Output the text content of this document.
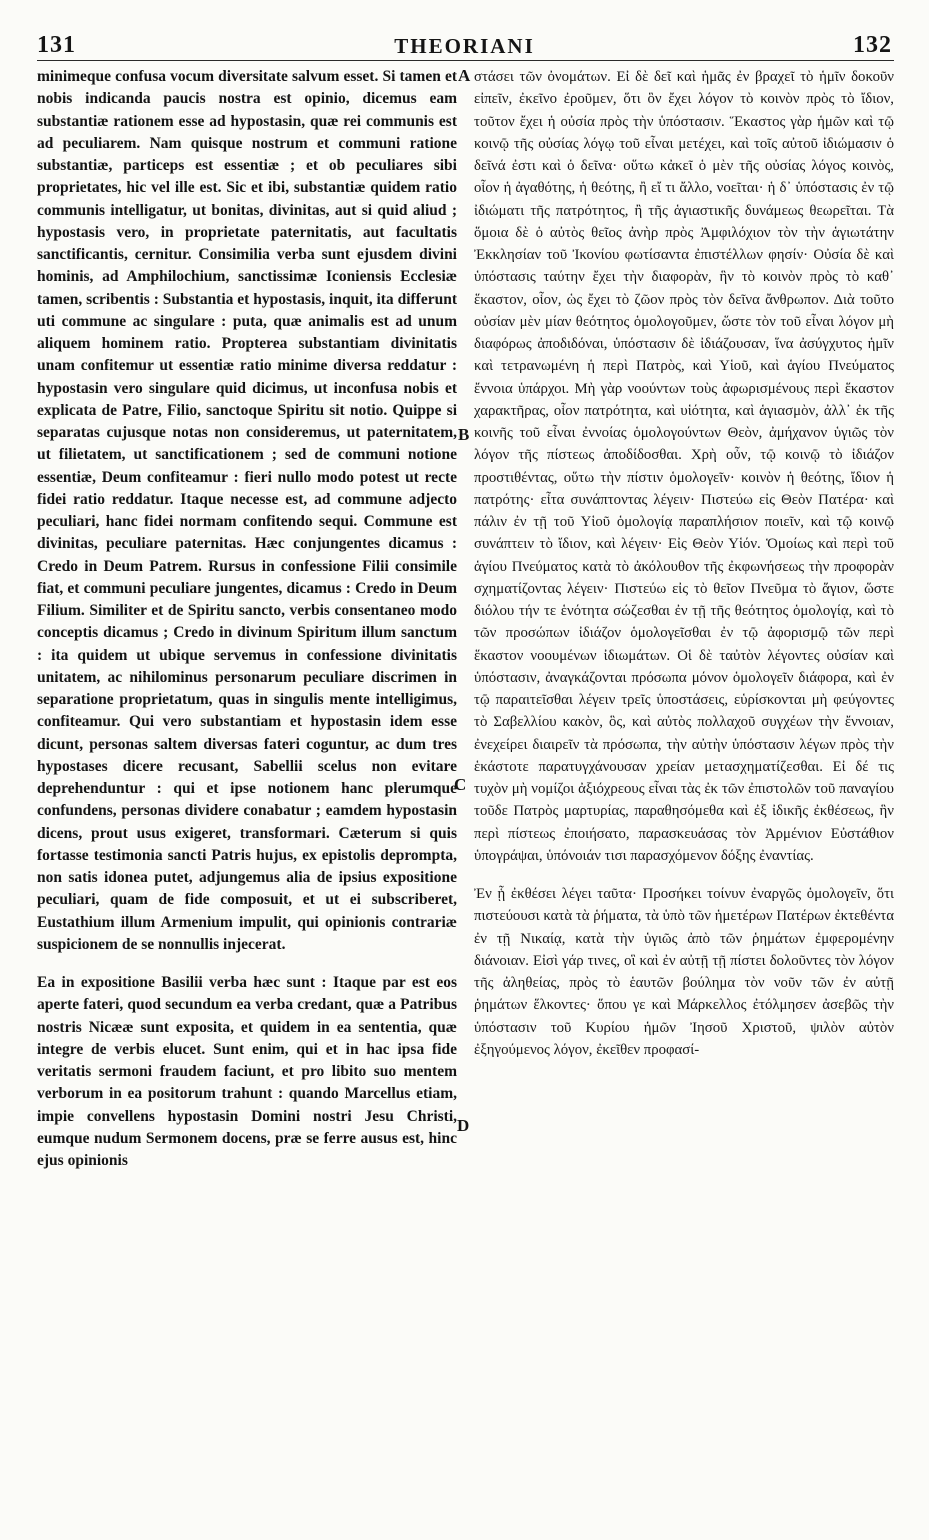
131	THEORIANI	132

minimeque confusa vocum diversitate salvum esset. Si tamen et nobis indicanda paucis nostra est opinio, dicemus eam substantiæ rationem esse ad hypostasin, quæ rei communis est ad peculiarem. Nam quisque nostrum et communi ratione substantiæ, particeps est essentiæ ; et ob peculiares sibi proprietates, hic vel ille est. Sic et ibi, substantiæ quidem ratio communis intelligatur, ut bonitas, divinitas, aut si quid aliud ; hypostasis vero, in proprietate paternitatis, aut facultatis sanctificantis, cernitur. Consimilia verba sunt ejusdem divini hominis, ad Amphilochium, sanctissimæ Iconiensis Ecclesiæ tamen, scribentis : Substantia et hypostasis, inquit, ita differunt uti commune ac singulare : puta, quæ animalis est ad unum aliquem hominem ratio. Propterea substantiam divinitatis unam confitemur ut essentiæ ratio minime diversa reddatur : hypostasin vero singulare quid dicimus, ut inconfusa nobis et explicata de Patre, Filio, sanctoque Spiritu sit notio. Quippe si separatas cujusque notas non consideremus, ut paternitatem, ut filietatem, ut sanctificationem ; sed de communi notione essentiæ, Deum confiteamur : fieri nullo modo potest ut recte fidei ratio reddatur. Itaque necesse est, ad commune adjecto peculiari, hanc fidei normam confitendo sequi. Commune est divinitas, peculiare paternitas. Hæc conjungentes dicamus : Credo in Deum Patrem. Rursus in confessione Filii consimile fiat, et communi peculiare jungentes, dicamus : Credo in Deum Filium. Similiter et de Spiritu sancto, verbis consentaneo modo conceptis dicamus ; Credo in divinum Spiritum illum sanctum : ita quidem ut ubique servemus in confessione divinitatis unitatem, ac nihilominus personarum peculiare discrimen in separatione proprietatum, quas in singulis mente intelligimus, confiteamur. Qui vero substantiam et hypostasin idem esse dicunt, personas saltem diversas fateri coguntur, ac dum tres hypostases dicere recusant, Sabellii scelus non evitare deprehenduntur : qui et ipse notionem hanc plerumque confundens, personas dividere conabatur ; eamdem hypostasin dicens, prout usus exigeret, transformari. Cæterum si quis fortasse testimonia sancti Patris hujus, ex epistolis depromptа, non satis idonea putet, adjungemus alia de ipsius expositione peculiari, quam de fide composuit, et ut ei subscriberet, Eustathium illum Armenium impulit, qui opinionis contrariæ suspicionem de se nonnullis injecerat.

Ea in expositione Basilii verba hæc sunt : Itaque par est eos aperte fateri, quod secundum ea verba credant, quæ a Patribus nostris Nicææ sunt exposita, et quidem in ea sententia, quæ integre de verbis elucet. Sunt enim, qui et in hac ipsa fide veritatis sermoni fraudem faciunt, et pro libito suo mentem verborum in ea positorum trahunt : quando Marcellus etiam, impie convellens hypostasin Domini nostri Jesu Christi, eumque nudum Sermonem docens, præ se ferre ausus est, hinc ejus opinionis

A
B
C
D

στάσει τῶν ὀνομάτων. Εἰ δὲ δεῖ καὶ ἡμᾶς ἐν βραχεῖ τὸ ἡμῖν δοκοῦν εἰπεῖν, ἐκεῖνο ἐροῦμεν, ὅτι ὃν ἔχει λόγον τὸ κοινὸν πρὸς τὸ ἴδιον, τοῦτον ἔχει ἡ οὐσία πρὸς τὴν ὑπόστασιν. Ἕκαστος γὰρ ἡμῶν καὶ τῷ κοινῷ τῆς οὐσίας λόγῳ τοῦ εἶναι μετέχει, καὶ τοῖς αὐτοῦ ἰδιώμασιν ὁ δεῖνά ἐστι καὶ ὁ δεῖνα· οὕτω κἀκεῖ ὁ μὲν τῆς οὐσίας λόγος κοινὸς, οἷον ἡ ἀγαθότης, ἡ θεότης, ἢ εἴ τι ἄλλο, νοεῖται· ἡ δ᾽ ὑπόστασις ἐν τῷ ἰδιώματι τῆς πατρότητος, ἢ τῆς ἁγιαστικῆς δυνάμεως θεωρεῖται. Τὰ ὅμοια δὲ ὁ αὐτὸς θεῖος ἀνὴρ πρὸς Ἀμφιλόχιον τὸν τὴν ἁγιωτάτην Ἐκκλησίαν τοῦ Ἰκονίου φωτίσαντα ἐπιστέλλων φησίν· Οὐσία δὲ καὶ ὑπόστασις ταύτην ἔχει τὴν διαφορὰν, ἣν τὸ κοινὸν πρὸς τὸ καθ᾽ ἕκαστον, οἷον, ὡς ἔχει τὸ ζῶον πρὸς τὸν δεῖνα ἄνθρωπον. Διὰ τοῦτο οὐσίαν μὲν μίαν θεότητος ὁμολογοῦμεν, ὥστε τὸν τοῦ εἶναι λόγον μὴ διαφόρως ἀποδιδόναι, ὑπόστασιν δὲ ἰδιάζουσαν, ἵνα ἀσύγχυτος ἡμῖν καὶ τετρανωμένη ἡ περὶ Πατρὸς, καὶ Υἱοῦ, καὶ ἁγίου Πνεύματος ἔννοια ὑπάρχοι. Μὴ γὰρ νοούντων τοὺς ἀφωρισμένους περὶ ἕκαστον χαρακτῆρας, οἷον πατρότητα, καὶ υἱότητα, καὶ ἁγιασμὸν, ἀλλ᾽ ἐκ τῆς κοινῆς τοῦ εἶναι ἐννοίας ὁμολογούντων Θεὸν, ἀμήχανον ὑγιῶς τὸν λόγον τῆς πίστεως ἀποδίδοσθαι. Χρὴ οὖν, τῷ κοινῷ τὸ ἰδιάζον προστιθέντας, οὕτω τὴν πίστιν ὁμολογεῖν· κοινὸν ἡ θεότης, ἴδιον ἡ πατρότης· εἶτα συνάπτοντας λέγειν· Πιστεύω εἰς Θεὸν Πατέρα· καὶ πάλιν ἐν τῇ τοῦ Υἱοῦ ὁμολογίᾳ παραπλήσιον ποιεῖν, καὶ τῷ κοινῷ συνάπτειν τὸ ἴδιον, καὶ λέγειν· Εἰς Θεὸν Υἱόν. Ὁμοίως καὶ περὶ τοῦ ἁγίου Πνεύματος κατὰ τὸ ἀκόλουθον τῆς ἐκφωνήσεως τὴν προφορὰν σχηματίζοντας λέγειν· Πιστεύω εἰς τὸ θεῖον Πνεῦμα τὸ ἅγιον, ὥστε διόλου τήν τε ἑνότητα σώζεσθαι ἐν τῇ τῆς θεότητος ὁμολογίᾳ, καὶ τὸ τῶν προσώπων ἰδιάζον ὁμολογεῖσθαι ἐν τῷ ἀφορισμῷ τῶν περὶ ἕκαστον νοουμένων ἰδιωμάτων. Οἱ δὲ ταὐτὸν λέγοντες οὐσίαν καὶ ὑπόστασιν, ἀναγκάζονται πρόσωπα μόνον ὁμολογεῖν διάφορα, καὶ ἐν τῷ παραιτεῖσθαι λέγειν τρεῖς ὑποστάσεις, εὑρίσκονται μὴ φεύγοντες τὸ Σαβελλίου κακὸν, ὃς, καὶ αὐτὸς πολλαχοῦ συγχέων τὴν ἔννοιαν, ἐνεχείρει διαιρεῖν τὰ πρόσωπα, τὴν αὐτὴν ὑπόστασιν λέγων πρὸς τὴν ἑκάστοτε παρατυγχάνουσαν χρείαν μετασχηματίζεσθαι. Εἰ δέ τις τυχὸν μὴ νομίζοι ἀξιόχρεους εἶναι τὰς ἐκ τῶν ἐπιστολῶν τοῦ παναγίου τοῦδε Πατρὸς μαρτυρίας, παραθησόμεθα καὶ ἐξ ἰδικῆς ἐκθέσεως, ἣν περὶ πίστεως ἐποιήσατο, παρασκευάσας τὸν Ἀρμένιον Εὐστάθιον ὑπογράψαι, ὑπόνοιάν τισι παρασχόμενον δόξης ἐναντίας.

Ἐν ᾗ ἐκθέσει λέγει ταῦτα· Προσήκει τοίνυν ἐναργῶς ὁμολογεῖν, ὅτι πιστεύουσι κατὰ τὰ ῥήματα, τὰ ὑπὸ τῶν ἡμετέρων Πατέρων ἐκτεθέντα ἐν τῇ Νικαίᾳ, κατὰ τὴν ὑγιῶς ἀπὸ τῶν ῥημάτων ἐμφερομένην διάνοιαν. Εἰσὶ γάρ τινες, οἳ καὶ ἐν αὐτῇ τῇ πίστει δολοῦντες τὸν λόγον τῆς ἀληθείας, πρὸς τὸ ἑαυτῶν βούλημα τὸν νοῦν τῶν ἐν αὐτῇ ῥημάτων ἕλκοντες· ὅπου γε καὶ Μάρκελλος ἐτόλμησεν ἀσεβῶς τὴν ὑπόστασιν τοῦ Κυρίου ἡμῶν Ἰησοῦ Χριστοῦ, ψιλὸν αὐτὸν ἐξηγούμενος λόγον, ἐκεῖθεν προφασί-
